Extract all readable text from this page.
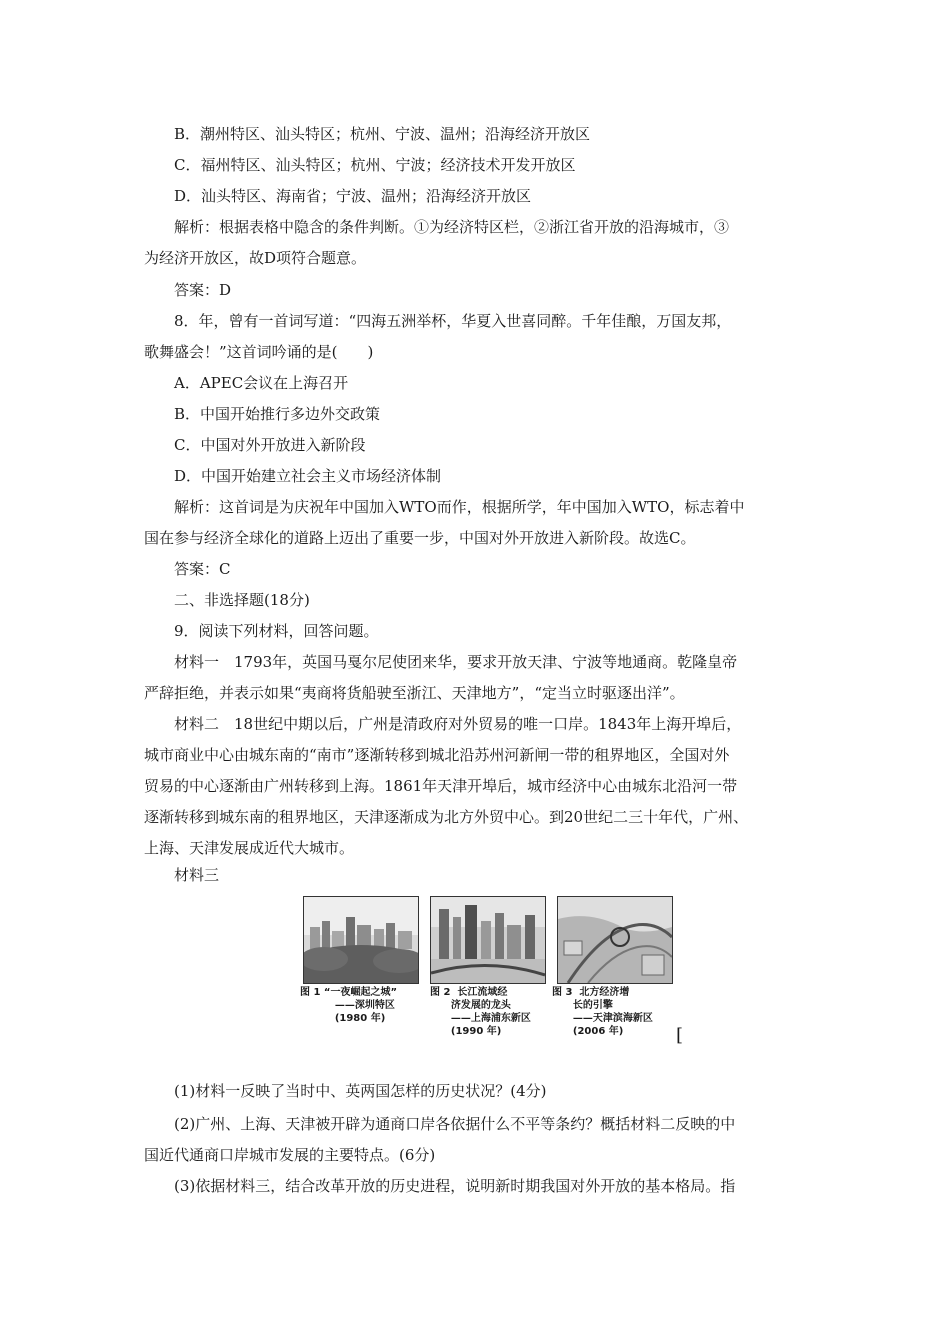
B．潮州特区、汕头特区；杭州、宁波、温州；沿海经济开放区
C．福州特区、汕头特区；杭州、宁波；经济技术开发开放区
D．汕头特区、海南省；宁波、温州；沿海经济开放区
解析：根据表格中隐含的条件判断。①为经济特区栏，②浙江省开放的沿海城市，③
为经济开放区，故D项符合题意。
答案：D
8．年，曾有一首词写道：“四海五洲举杯，华夏入世喜同醉。千年佳酿，万国友邦，
歌舞盛会！”这首词吟诵的是(　　)
A．APEC会议在上海召开
B．中国开始推行多边外交政策
C．中国对外开放进入新阶段
D．中国开始建立社会主义市场经济体制
解析：这首词是为庆祝年中国加入WTO而作，根据所学，年中国加入WTO，标志着中
国在参与经济全球化的道路上迈出了重要一步，中国对外开放进入新阶段。故选C。
答案：C
二、非选择题(18分)
9．阅读下列材料，回答问题。
材料一　1793年，英国马戛尔尼使团来华，要求开放天津、宁波等地通商。乾隆皇帝
严辞拒绝，并表示如果“夷商将货船驶至浙江、天津地方”，“定当立时驱逐出洋”。
材料二　18世纪中期以后，广州是清政府对外贸易的唯一口岸。1843年上海开埠后，
城市商业中心由城东南的“南市”逐渐转移到城北沿苏州河新闸一带的租界地区，全国对外
贸易的中心逐渐由广州转移到上海。1861年天津开埠后，城市经济中心由城东北沿河一带
逐渐转移到城东南的租界地区，天津逐渐成为北方外贸中心。到20世纪二三十年代，广州、
上海、天津发展成近代大城市。
材料三
图 1 “一夜崛起之城”
——深圳特区
(1980 年)
图 2  长江流域经
济发展的龙头
——上海浦东新区
(1990 年)
图 3  北方经济增
长的引擎
——天津滨海新区
(2006 年)	[
(1)材料一反映了当时中、英两国怎样的历史状况？(4分)
(2)广州、上海、天津被开辟为通商口岸各依据什么不平等条约？概括材料二反映的中
国近代通商口岸城市发展的主要特点。(6分)
(3)依据材料三，结合改革开放的历史进程，说明新时期我国对外开放的基本格局。指
